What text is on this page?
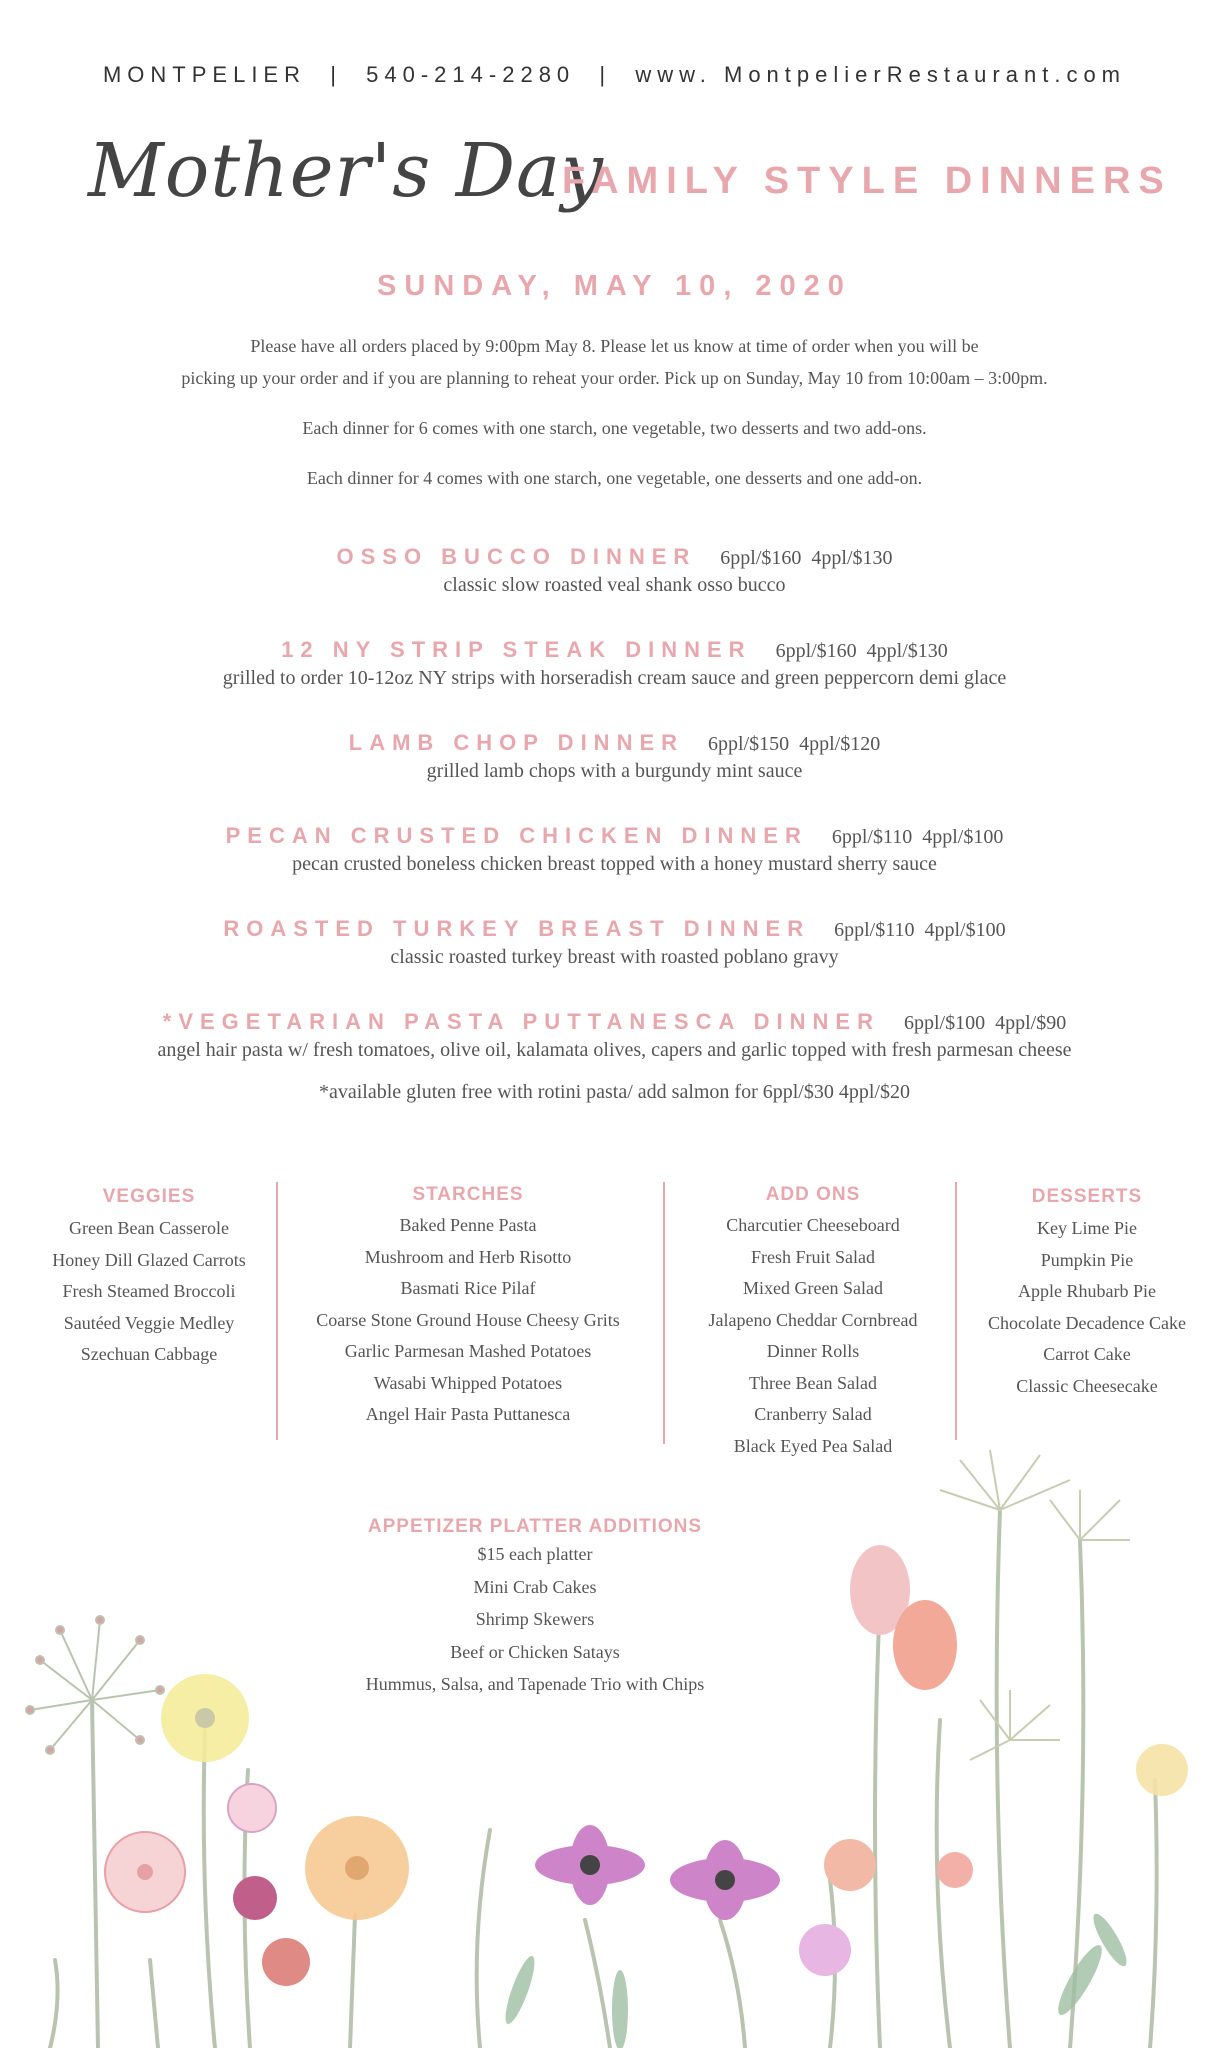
MONTPELIER  |  540-214-2280  |  www. MontpelierRestaurant.com
Mother's Day
FAMILY STYLE DINNERS
SUNDAY, MAY 10, 2020
Please have all orders placed by 9:00pm May 8. Please let us know at time of order when you will be
picking up your order and if you are planning to reheat your order. Pick up on Sunday, May 10 from 10:00am – 3:00pm.
Each dinner for 6 comes with one starch, one vegetable, two desserts and two add-ons.
Each dinner for 4 comes with one starch, one vegetable, one desserts and one add-on.
OSSO BUCCO DINNER 6ppl/$160  4ppl/$130
classic slow roasted veal shank osso bucco
12 NY STRIP STEAK DINNER 6ppl/$160  4ppl/$130
grilled to order 10-12oz NY strips with horseradish cream sauce and green peppercorn demi glace
LAMB CHOP DINNER 6ppl/$150  4ppl/$120
grilled lamb chops with a burgundy mint sauce
PECAN CRUSTED CHICKEN DINNER 6ppl/$110  4ppl/$100
pecan crusted boneless chicken breast topped with a honey mustard sherry sauce
ROASTED TURKEY BREAST DINNER 6ppl/$110  4ppl/$100
classic roasted turkey breast with roasted poblano gravy
*VEGETARIAN PASTA PUTTANESCA DINNER 6ppl/$100  4ppl/$90
angel hair pasta w/ fresh tomatoes, olive oil, kalamata olives, capers and garlic topped with fresh parmesan cheese
*available gluten free with rotini pasta/ add salmon for 6ppl/$30 4ppl/$20
VEGGIES
Green Bean Casserole
Honey Dill Glazed Carrots
Fresh Steamed Broccoli
Sautéed Veggie Medley
Szechuan Cabbage
STARCHES
Baked Penne Pasta
Mushroom and Herb Risotto
Basmati Rice Pilaf
Coarse Stone Ground House Cheesy Grits
Garlic Parmesan Mashed Potatoes
Wasabi Whipped Potatoes
Angel Hair Pasta Puttanesca
ADD ONS
Charcutier Cheeseboard
Fresh Fruit Salad
Mixed Green Salad
Jalapeno Cheddar Cornbread
Dinner Rolls
Three Bean Salad
Cranberry Salad
Black Eyed Pea Salad
DESSERTS
Key Lime Pie
Pumpkin Pie
Apple Rhubarb Pie
Chocolate Decadence Cake
Carrot Cake
Classic Cheesecake
APPETIZER PLATTER ADDITIONS
$15 each platter
Mini Crab Cakes
Shrimp Skewers
Beef or Chicken Satays
Hummus, Salsa, and Tapenade Trio with Chips
